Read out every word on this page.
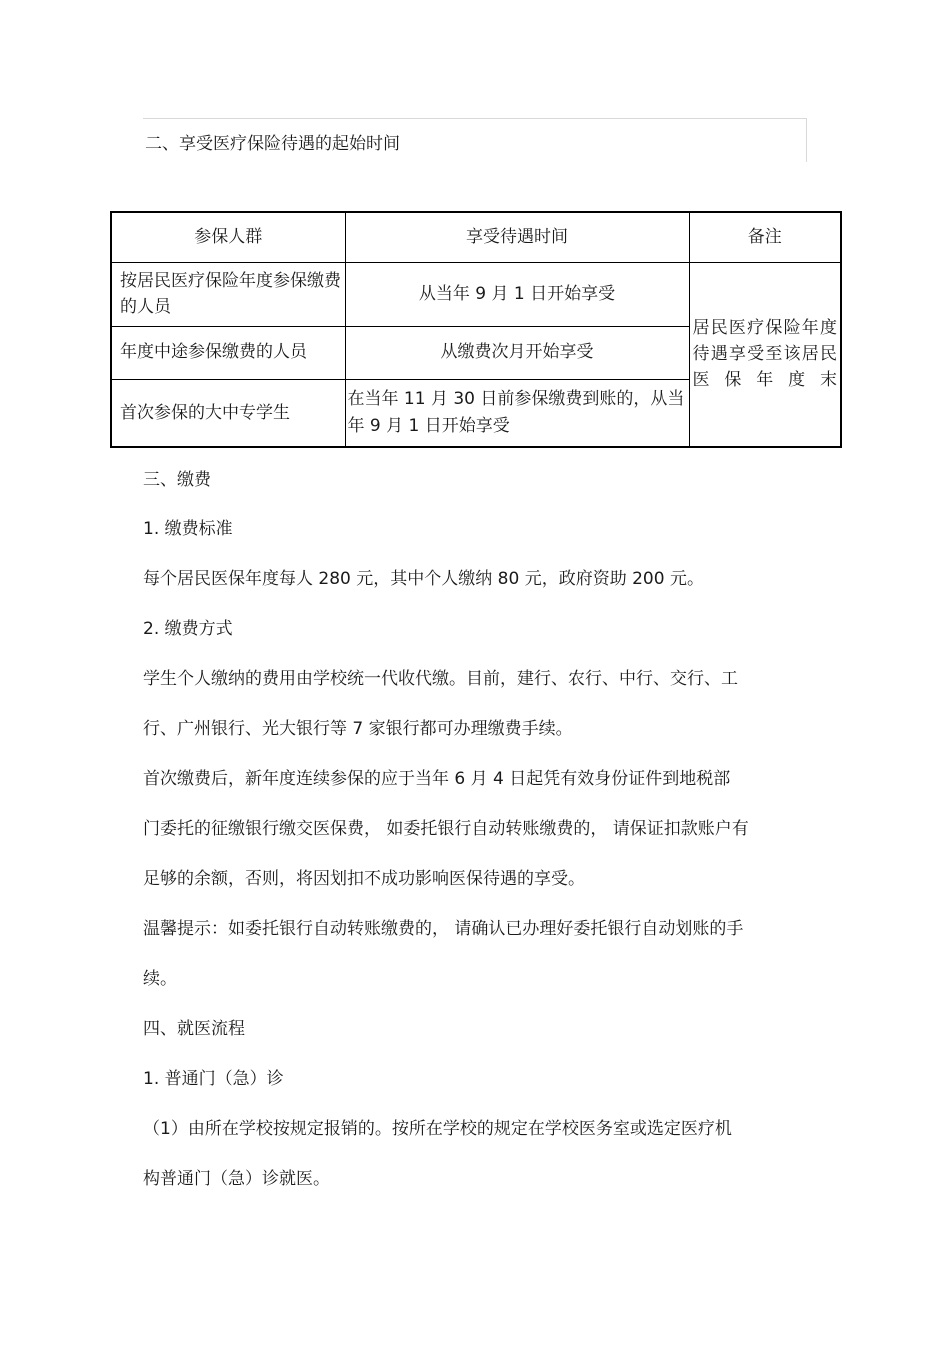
二、享受医疗保险待遇的起始时间
参保人群	享受待遇时间	备注
按居民医疗保险年度参保缴费的人员	从当年 9 月 1 日开始享受	居民医疗保险年度待遇享受至该居民医保年度末
年度中途参保缴费的人员	从缴费次月开始享受	
首次参保的大中专学生	在当年 11 月 30 日前参保缴费到账的，从当年 9 月 1 日开始享受	

三、缴费

1. 缴费标准

每个居民医保年度每人 280 元，其中个人缴纳 80 元，政府资助 200 元。

2. 缴费方式

学生个人缴纳的费用由学校统一代收代缴。目前，建行、农行、中行、交行、工

行、广州银行、光大银行等 7 家银行都可办理缴费手续。

首次缴费后，新年度连续参保的应于当年 6 月 4 日起凭有效身份证件到地税部

门委托的征缴银行缴交医保费， 如委托银行自动转账缴费的， 请保证扣款账户有

足够的余额，否则，将因划扣不成功影响医保待遇的享受。

温馨提示：如委托银行自动转账缴费的， 请确认已办理好委托银行自动划账的手

续。

四、就医流程

1. 普通门（急）诊

（1）由所在学校按规定报销的。按所在学校的规定在学校医务室或选定医疗机

构普通门（急）诊就医。
